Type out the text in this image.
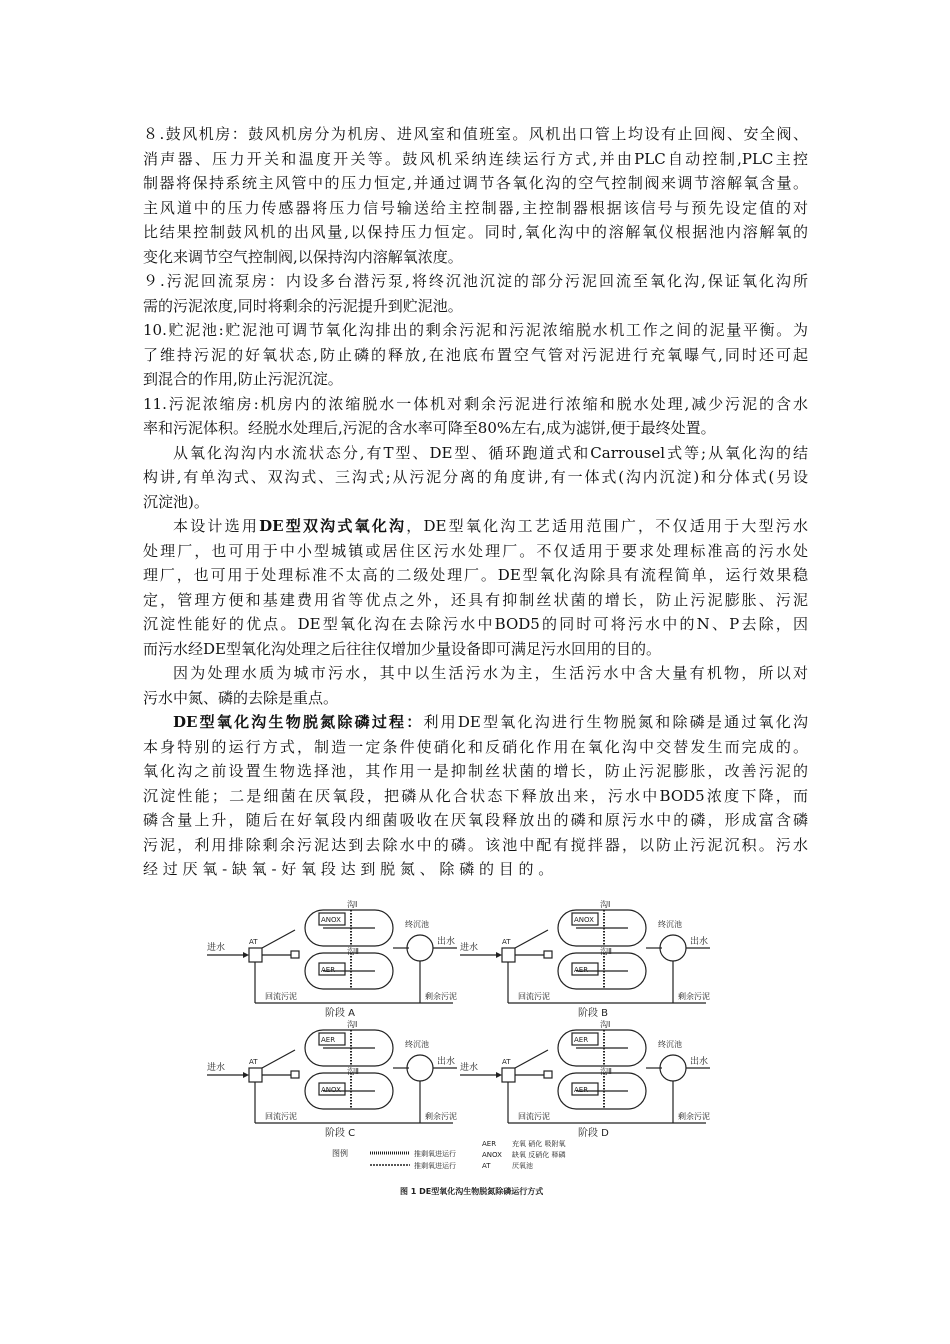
８.鼓风机房：鼓风机房分为机房、进风室和值班室。风机出口管上均设有止回阀、安全阀、
消声器、压力开关和温度开关等。鼓风机采纳连续运行方式,并由PLC自动控制,PLC主控
制器将保持系统主风管中的压力恒定,并通过调节各氧化沟的空气控制阀来调节溶解氧含量。
主风道中的压力传感器将压力信号输送给主控制器,主控制器根据该信号与预先设定值的对
比结果控制鼓风机的出风量,以保持压力恒定。同时,氧化沟中的溶解氧仪根据池内溶解氧的
变化来调节空气控制阀,以保持沟内溶解氧浓度。
９.污泥回流泵房：内设多台潜污泵,将终沉池沉淀的部分污泥回流至氧化沟,保证氧化沟所
需的污泥浓度,同时将剩余的污泥提升到贮泥池。
10.贮泥池:贮泥池可调节氧化沟排出的剩余污泥和污泥浓缩脱水机工作之间的泥量平衡。为
了维持污泥的好氧状态,防止磷的释放,在池底布置空气管对污泥进行充氧曝气,同时还可起
到混合的作用,防止污泥沉淀。
11.污泥浓缩房:机房内的浓缩脱水一体机对剩余污泥进行浓缩和脱水处理,减少污泥的含水
率和污泥体积。经脱水处理后,污泥的含水率可降至80%左右,成为滤饼,便于最终处置。
从氧化沟沟内水流状态分,有T型、DE型、循环跑道式和Carrousel式等;从氧化沟的结
构讲,有单沟式、双沟式、三沟式;从污泥分离的角度讲,有一体式(沟内沉淀)和分体式(另设
沉淀池)。
本设计选用DE型双沟式氧化沟，DE型氧化沟工艺适用范围广，不仅适用于大型污水
处理厂，也可用于中小型城镇或居住区污水处理厂。不仅适用于要求处理标准高的污水处
理厂，也可用于处理标准不太高的二级处理厂。DE型氧化沟除具有流程简单，运行效果稳
定，管理方便和基建费用省等优点之外，还具有抑制丝状菌的增长，防止污泥膨胀、污泥
沉淀性能好的优点。DE型氧化沟在去除污水中BOD5的同时可将污水中的N、P去除，因
而污水经DE型氧化沟处理之后往往仅增加少量设备即可满足污水回用的目的。
因为处理水质为城市污水，其中以生活污水为主，生活污水中含大量有机物，所以对
污水中氮、磷的去除是重点。
DE型氧化沟生物脱氮除磷过程：利用DE型氧化沟进行生物脱氮和除磷是通过氧化沟
本身特别的运行方式，制造一定条件使硝化和反硝化作用在氧化沟中交替发生而完成的。
氧化沟之前设置生物选择池，其作用一是抑制丝状菌的增长，防止污泥膨胀，改善污泥的
沉淀性能；二是细菌在厌氧段，把磷从化合状态下释放出来，污水中BOD5浓度下降，而
磷含量上升，随后在好氧段内细菌吸收在厌氧段释放出的磷和原污水中的磷，形成富含磷
污泥，利用排除剩余污泥达到去除水中的磷。该池中配有搅拌器，以防止污泥沉积。污水
经 过 厌 氧 - 缺 氧 - 好 氧 段 达 到 脱 氮 、 除 磷 的 目 的 。
进水
AT
ANOX
沟Ⅰ
AER
沟Ⅱ
终沉池
出水
回流污泥	剩余污泥
阶段 A
进水
AT
ANOX
沟Ⅰ
AER
沟Ⅱ
终沉池
出水
回流污泥	剩余污泥
阶段 B
进水
AT
AER
沟Ⅰ
ANOX
沟Ⅱ
终沉池
出水
回流污泥	剩余污泥
阶段 C
进水
AT
AER
沟Ⅰ
AER
沟Ⅱ
终沉池
出水
回流污泥	剩余污泥
阶段 D
图例	推剩氧进运行
推剩氧进运行
AER 充氧 硝化 吸附氧
ANOX 缺氧 反硝化 释磷
AT	厌氧池
图 1 DE型氧化沟生物脱氮除磷运行方式
